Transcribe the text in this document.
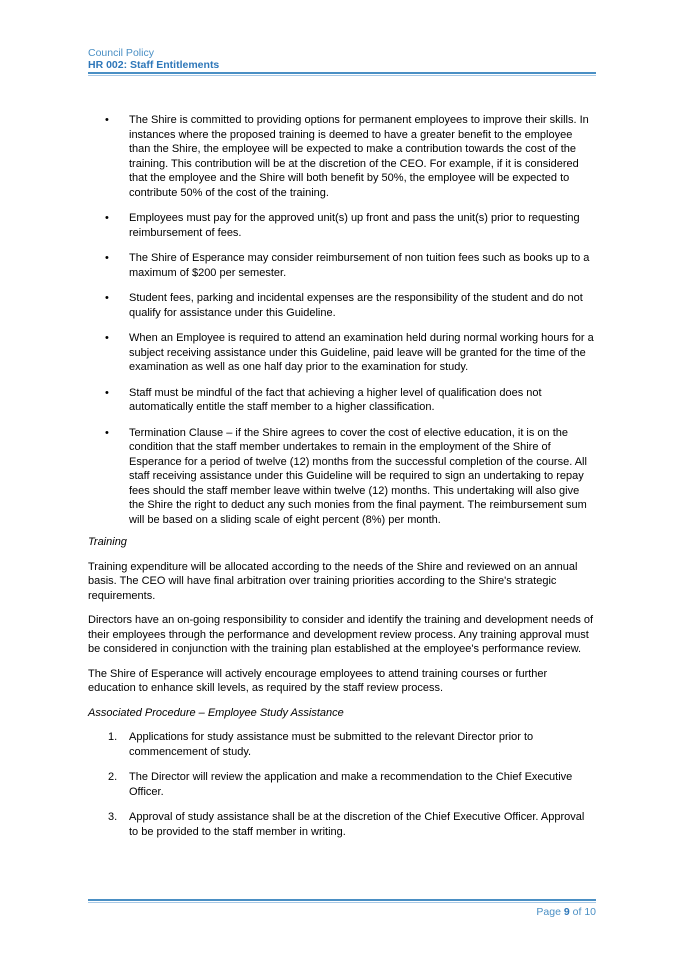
Council Policy
HR 002: Staff Entitlements
• The Shire is committed to providing options for permanent employees to improve their skills. In instances where the proposed training is deemed to have a greater benefit to the employee than the Shire, the employee will be expected to make a contribution towards the cost of the training. This contribution will be at the discretion of the CEO. For example, if it is considered that the employee and the Shire will both benefit by 50%, the employee will be expected to contribute 50% of the cost of the training.
• Employees must pay for the approved unit(s) up front and pass the unit(s) prior to requesting reimbursement of fees.
• The Shire of Esperance may consider reimbursement of non tuition fees such as books up to a maximum of $200 per semester.
• Student fees, parking and incidental expenses are the responsibility of the student and do not qualify for assistance under this Guideline.
• When an Employee is required to attend an examination held during normal working hours for a subject receiving assistance under this Guideline, paid leave will be granted for the time of the examination as well as one half day prior to the examination for study.
• Staff must be mindful of the fact that achieving a higher level of qualification does not automatically entitle the staff member to a higher classification.
• Termination Clause – if the Shire agrees to cover the cost of elective education, it is on the condition that the staff member undertakes to remain in the employment of the Shire of Esperance for a period of twelve (12) months from the successful completion of the course. All staff receiving assistance under this Guideline will be required to sign an undertaking to repay fees should the staff member leave within twelve (12) months. This undertaking will also give the Shire the right to deduct any such monies from the final payment. The reimbursement sum will be based on a sliding scale of eight percent (8%) per month.

Training

Training expenditure will be allocated according to the needs of the Shire and reviewed on an annual basis. The CEO will have final arbitration over training priorities according to the Shire's strategic requirements.

Directors have an on-going responsibility to consider and identify the training and development needs of their employees through the performance and development review process. Any training approval must be considered in conjunction with the training plan established at the employee's performance review.

The Shire of Esperance will actively encourage employees to attend training courses or further education to enhance skill levels, as required by the staff review process.

Associated Procedure – Employee Study Assistance

1. Applications for study assistance must be submitted to the relevant Director prior to commencement of study.
2. The Director will review the application and make a recommendation to the Chief Executive Officer.
3. Approval of study assistance shall be at the discretion of the Chief Executive Officer. Approval to be provided to the staff member in writing.
Page 9 of 10
